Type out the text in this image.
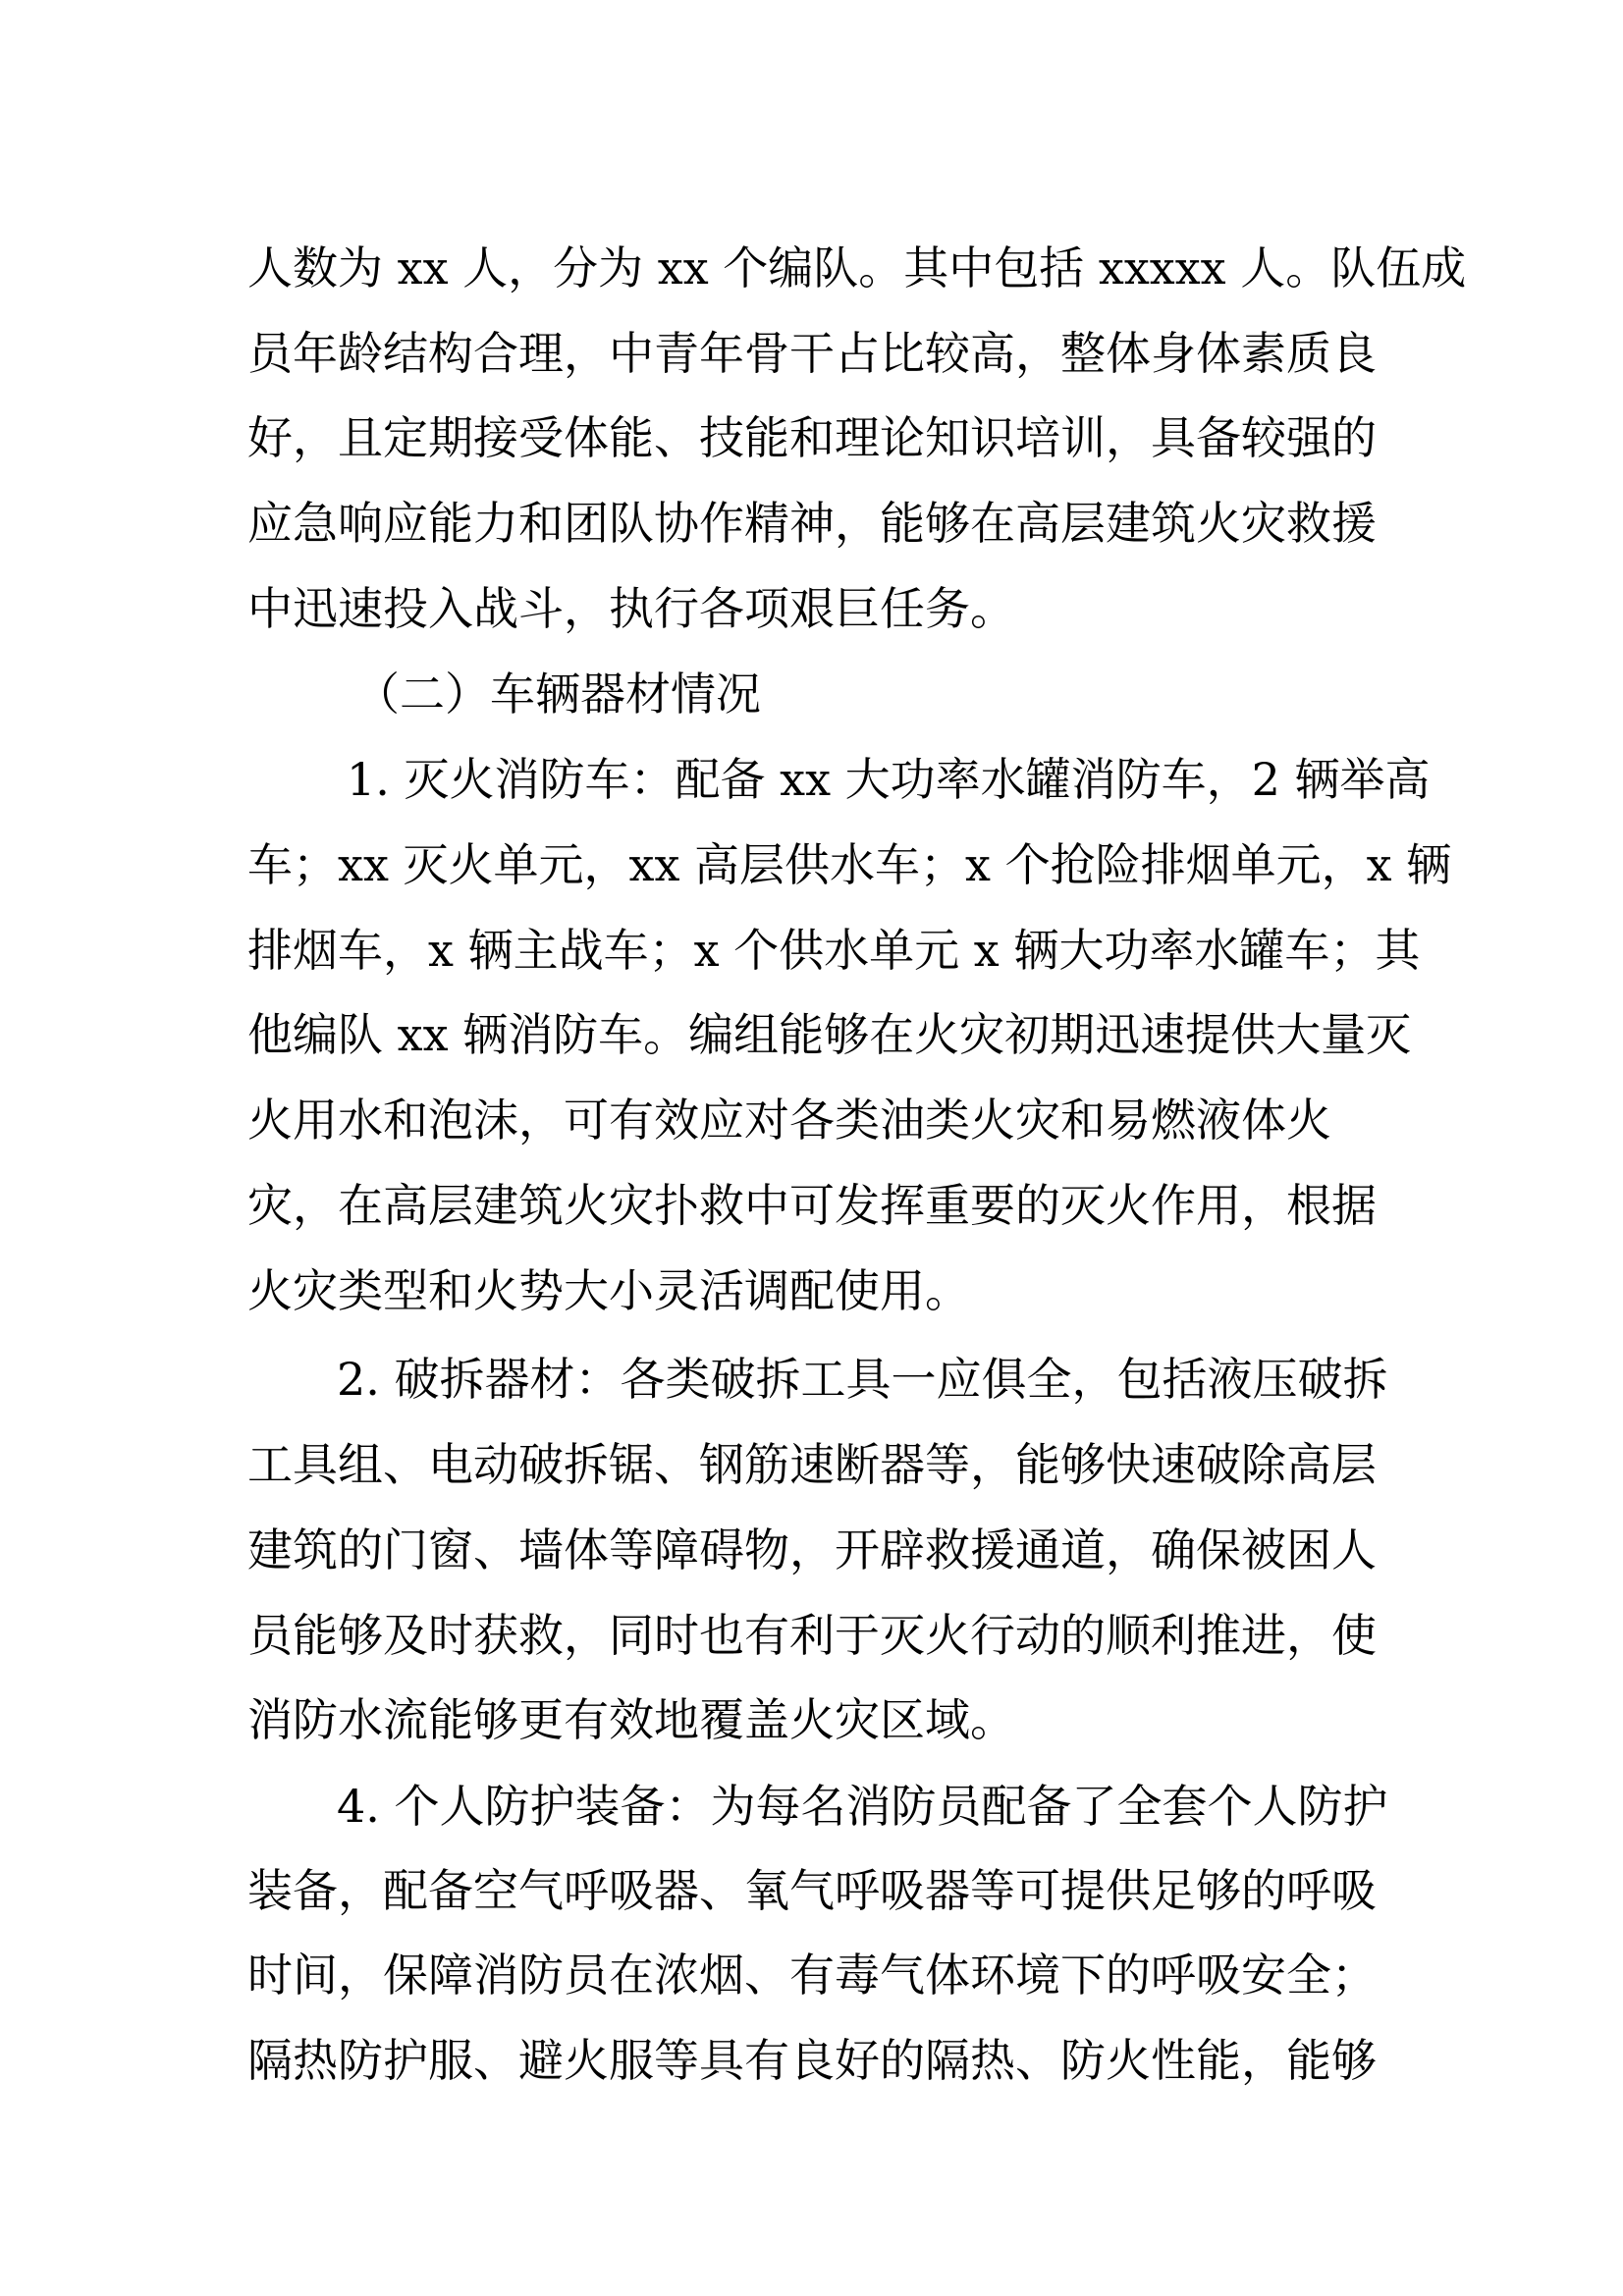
人数为 xx 人，分为 xx 个编队。其中包括 xxxxx 人。队伍成
员年龄结构合理，中青年骨干占比较高，整体身体素质良
好，且定期接受体能、技能和理论知识培训，具备较强的
应急响应能力和团队协作精神，能够在高层建筑火灾救援
中迅速投入战斗，执行各项艰巨任务。
（二）车辆器材情况
1. 灭火消防车：配备 xx 大功率水罐消防车，2 辆举高
车；xx 灭火单元，xx 高层供水车；x 个抢险排烟单元，x 辆
排烟车，x 辆主战车；x 个供水单元 x 辆大功率水罐车；其
他编队 xx 辆消防车。编组能够在火灾初期迅速提供大量灭
火用水和泡沫，可有效应对各类油类火灾和易燃液体火
灾，在高层建筑火灾扑救中可发挥重要的灭火作用，根据
火灾类型和火势大小灵活调配使用。
2. 破拆器材：各类破拆工具一应俱全，包括液压破拆
工具组、电动破拆锯、钢筋速断器等，能够快速破除高层
建筑的门窗、墙体等障碍物，开辟救援通道，确保被困人
员能够及时获救，同时也有利于灭火行动的顺利推进，使
消防水流能够更有效地覆盖火灾区域。
4. 个人防护装备：为每名消防员配备了全套个人防护
装备，配备空气呼吸器、氧气呼吸器等可提供足够的呼吸
时间，保障消防员在浓烟、有毒气体环境下的呼吸安全；
隔热防护服、避火服等具有良好的隔热、防火性能，能够
